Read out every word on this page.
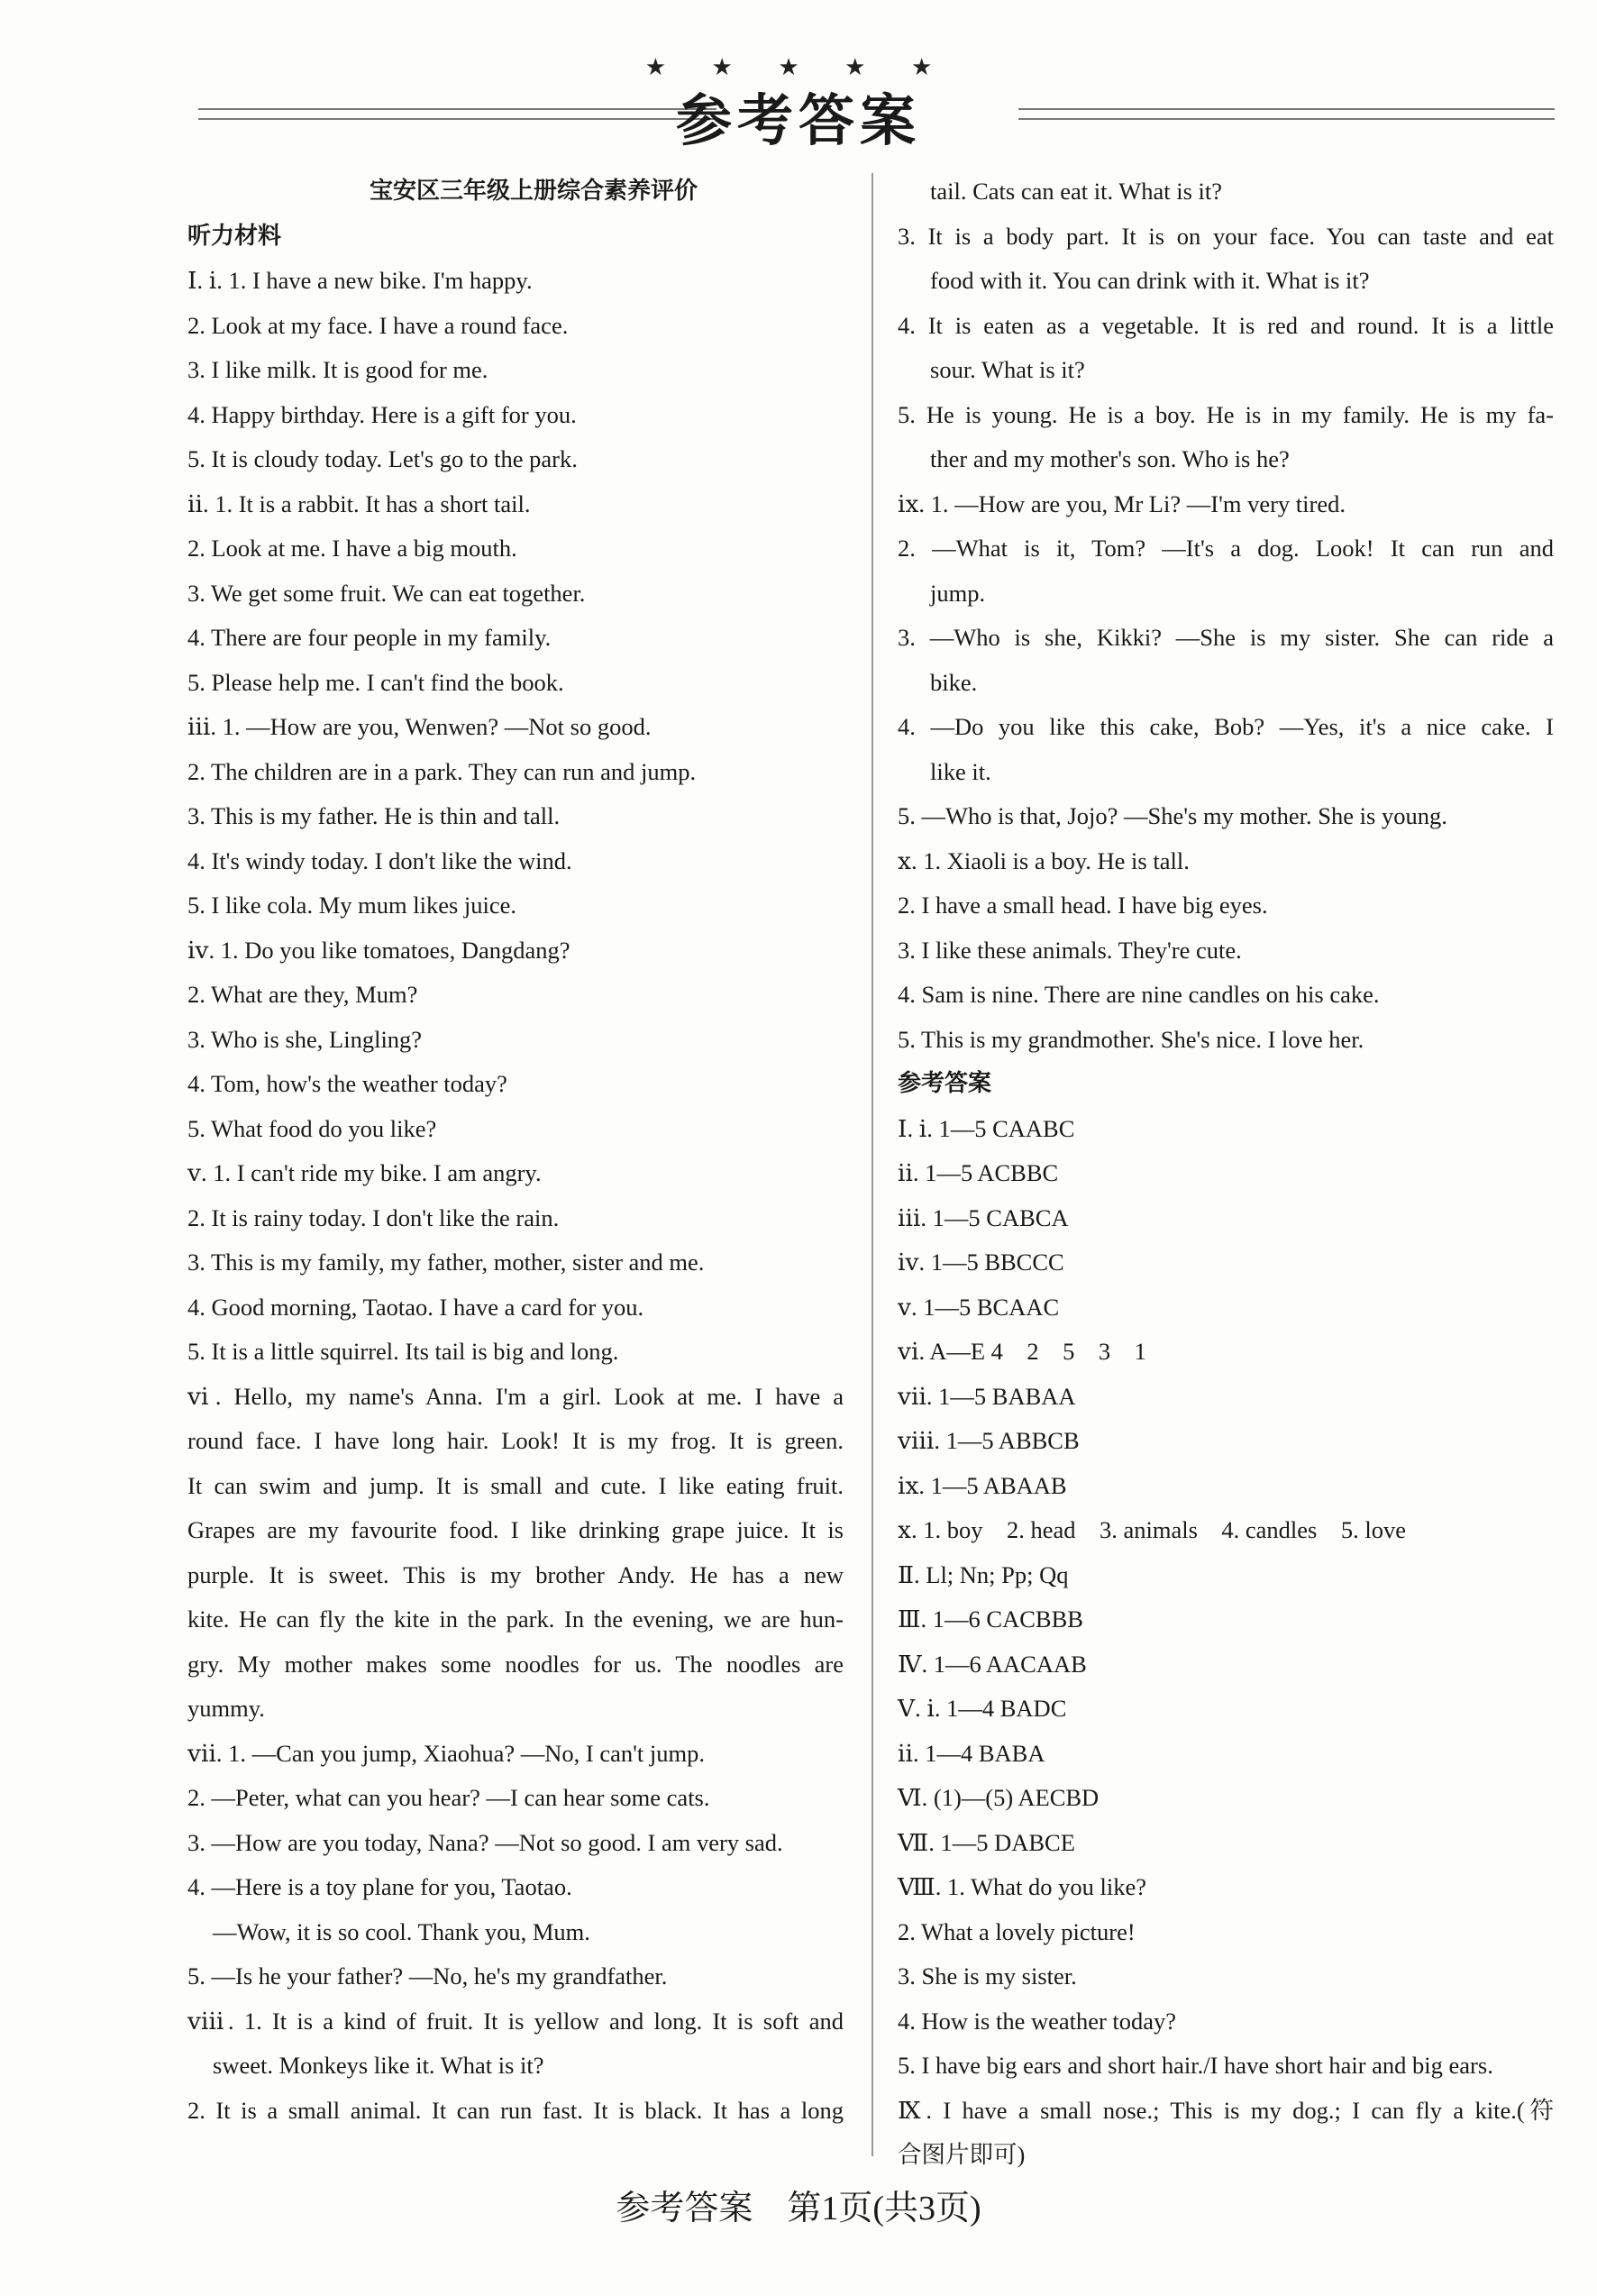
★ ★ ★ ★ ★
参考答案
宝安区三年级上册综合素养评价
听力材料
Ⅰ. ⅰ. 1. I have a new bike. I'm happy.
2. Look at my face. I have a round face.
3. I like milk. It is good for me.
4. Happy birthday. Here is a gift for you.
5. It is cloudy today. Let's go to the park.
ⅱ. 1. It is a rabbit. It has a short tail.
2. Look at me. I have a big mouth.
3. We get some fruit. We can eat together.
4. There are four people in my family.
5. Please help me. I can't find the book.
ⅲ. 1. —How are you, Wenwen? —Not so good.
2. The children are in a park. They can run and jump.
3. This is my father. He is thin and tall.
4. It's windy today. I don't like the wind.
5. I like cola. My mum likes juice.
ⅳ. 1. Do you like tomatoes, Dangdang?
2. What are they, Mum?
3. Who is she, Lingling?
4. Tom, how's the weather today?
5. What food do you like?
ⅴ. 1. I can't ride my bike. I am angry.
2. It is rainy today. I don't like the rain.
3. This is my family, my father, mother, sister and me.
4. Good morning, Taotao. I have a card for you.
5. It is a little squirrel. Its tail is big and long.
ⅵ. Hello, my name's Anna. I'm a girl. Look at me. I have a
round face. I have long hair. Look! It is my frog. It is green.
It can swim and jump. It is small and cute. I like eating fruit.
Grapes are my favourite food. I like drinking grape juice. It is
purple. It is sweet. This is my brother Andy. He has a new
kite. He can fly the kite in the park. In the evening, we are hun-
gry. My mother makes some noodles for us. The noodles are
yummy.
ⅶ. 1. —Can you jump, Xiaohua? —No, I can't jump.
2. —Peter, what can you hear? —I can hear some cats.
3. —How are you today, Nana? —Not so good. I am very sad.
4. —Here is a toy plane for you, Taotao.
—Wow, it is so cool. Thank you, Mum.
5. —Is he your father? —No, he's my grandfather.
ⅷ. 1. It is a kind of fruit. It is yellow and long. It is soft and
sweet. Monkeys like it. What is it?
2. It is a small animal. It can run fast. It is black. It has a long
tail. Cats can eat it. What is it?
3. It is a body part. It is on your face. You can taste and eat
food with it. You can drink with it. What is it?
4. It is eaten as a vegetable. It is red and round. It is a little
sour. What is it?
5. He is young. He is a boy. He is in my family. He is my fa-
ther and my mother's son. Who is he?
ⅸ. 1. —How are you, Mr Li? —I'm very tired.
2. —What is it, Tom? —It's a dog. Look! It can run and
jump.
3. —Who is she, Kikki? —She is my sister. She can ride a
bike.
4. —Do you like this cake, Bob? —Yes, it's a nice cake. I
like it.
5. —Who is that, Jojo? —She's my mother. She is young.
ⅹ. 1. Xiaoli is a boy. He is tall.
2. I have a small head. I have big eyes.
3. I like these animals. They're cute.
4. Sam is nine. There are nine candles on his cake.
5. This is my grandmother. She's nice. I love her.
参考答案
Ⅰ. ⅰ. 1—5 CAABC
ⅱ. 1—5 ACBBC
ⅲ. 1—5 CABCA
ⅳ. 1—5 BBCCC
ⅴ. 1—5 BCAAC
ⅵ. A—E 4　2　5　3　1
ⅶ. 1—5 BABAA
ⅷ. 1—5 ABBCB
ⅸ. 1—5 ABAAB
ⅹ. 1. boy　2. head　3. animals　4. candles　5. love
Ⅱ. Ll; Nn; Pp; Qq
Ⅲ. 1—6 CACBBB
Ⅳ. 1—6 AACAAB
Ⅴ. ⅰ. 1—4 BADC
ⅱ. 1—4 BABA
Ⅵ. (1)—(5) AECBD
Ⅶ. 1—5 DABCE
Ⅷ. 1. What do you like?
2. What a lovely picture!
3. She is my sister.
4. How is the weather today?
5. I have big ears and short hair./I have short hair and big ears.
Ⅸ. I have a small nose.; This is my dog.; I can fly a kite.(符
合图片即可)
参考答案　第1页(共3页)
